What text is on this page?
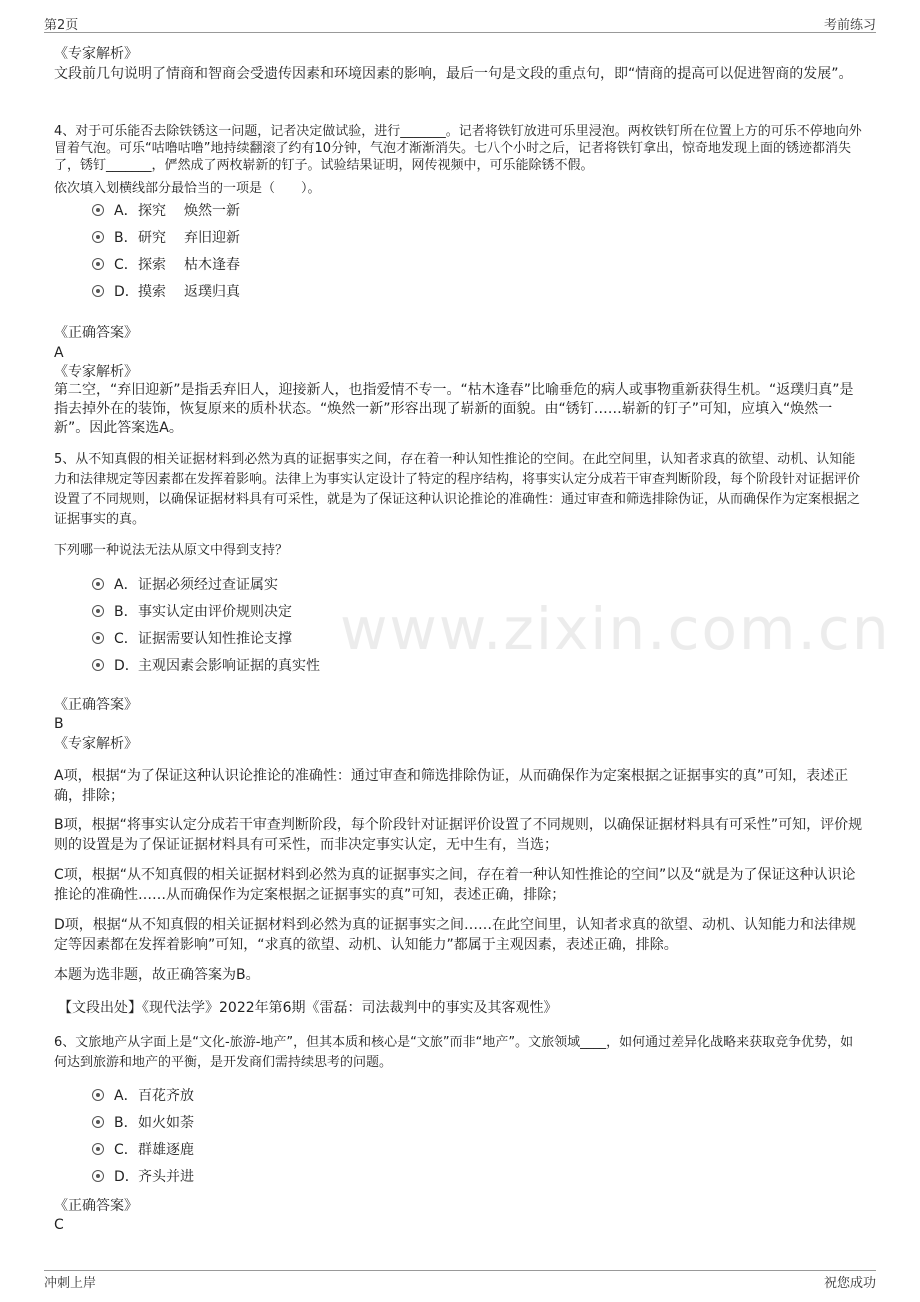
第2页	考前练习
www.zixin.com.cn

《专家解析》

文段前几句说明了情商和智商会受遗传因素和环境因素的影响，最后一句是文段的重点句，即“情商的提高可以促进智商的发展”。

4、对于可乐能否去除铁锈这一问题，记者决定做试验，进行_______。记者将铁钉放进可乐里浸泡。两枚铁钉所在位置上方的可乐不停地向外冒着气泡。可乐“咕噜咕噜”地持续翻滚了约有10分钟，气泡才渐渐消失。七八个小时之后，记者将铁钉拿出，惊奇地发现上面的锈迹都消失了，锈钉_______，俨然成了两枚崭新的钉子。试验结果证明，网传视频中，可乐能除锈不假。

依次填入划横线部分最恰当的一项是（　　）。

A．探究 焕然一新
B．研究 弃旧迎新
C．探索 枯木逢春
D．摸索 返璞归真

《正确答案》

A

《专家解析》

第二空，“弃旧迎新”是指丢弃旧人，迎接新人，也指爱情不专一。“枯木逢春”比喻垂危的病人或事物重新获得生机。“返璞归真”是指去掉外在的装饰，恢复原来的质朴状态。“焕然一新”形容出现了崭新的面貌。由“锈钉……崭新的钉子”可知，应填入“焕然一新”。因此答案选A。

5、从不知真假的相关证据材料到必然为真的证据事实之间，存在着一种认知性推论的空间。在此空间里，认知者求真的欲望、动机、认知能力和法律规定等因素都在发挥着影响。法律上为事实认定设计了特定的程序结构，将事实认定分成若干审查判断阶段，每个阶段针对证据评价设置了不同规则，以确保证据材料具有可采性，就是为了保证这种认识论推论的准确性：通过审查和筛选排除伪证，从而确保作为定案根据之证据事实的真。

下列哪一种说法无法从原文中得到支持？

A．证据必须经过查证属实
B．事实认定由评价规则决定
C．证据需要认知性推论支撑
D．主观因素会影响证据的真实性

《正确答案》

B

《专家解析》

A项，根据“为了保证这种认识论推论的准确性：通过审查和筛选排除伪证，从而确保作为定案根据之证据事实的真”可知，表述正确，排除；

B项，根据“将事实认定分成若干审查判断阶段，每个阶段针对证据评价设置了不同规则，以确保证据材料具有可采性”可知，评价规则的设置是为了保证证据材料具有可采性，而非决定事实认定，无中生有，当选；

C项，根据“从不知真假的相关证据材料到必然为真的证据事实之间，存在着一种认知性推论的空间”以及“就是为了保证这种认识论推论的准确性……从而确保作为定案根据之证据事实的真”可知，表述正确，排除；

D项，根据“从不知真假的相关证据材料到必然为真的证据事实之间……在此空间里，认知者求真的欲望、动机、认知能力和法律规定等因素都在发挥着影响”可知，“求真的欲望、动机、认知能力”都属于主观因素，表述正确，排除。

本题为选非题，故正确答案为B。

【文段出处】《现代法学》2022年第6期《雷磊：司法裁判中的事实及其客观性》

6、文旅地产从字面上是“文化-旅游-地产”，但其本质和核心是“文旅”而非“地产”。文旅领域____，如何通过差异化战略来获取竞争优势，如何达到旅游和地产的平衡，是开发商们需持续思考的问题。

A．百花齐放
B．如火如荼
C．群雄逐鹿
D．齐头并进

《正确答案》

C

冲刺上岸	祝您成功
